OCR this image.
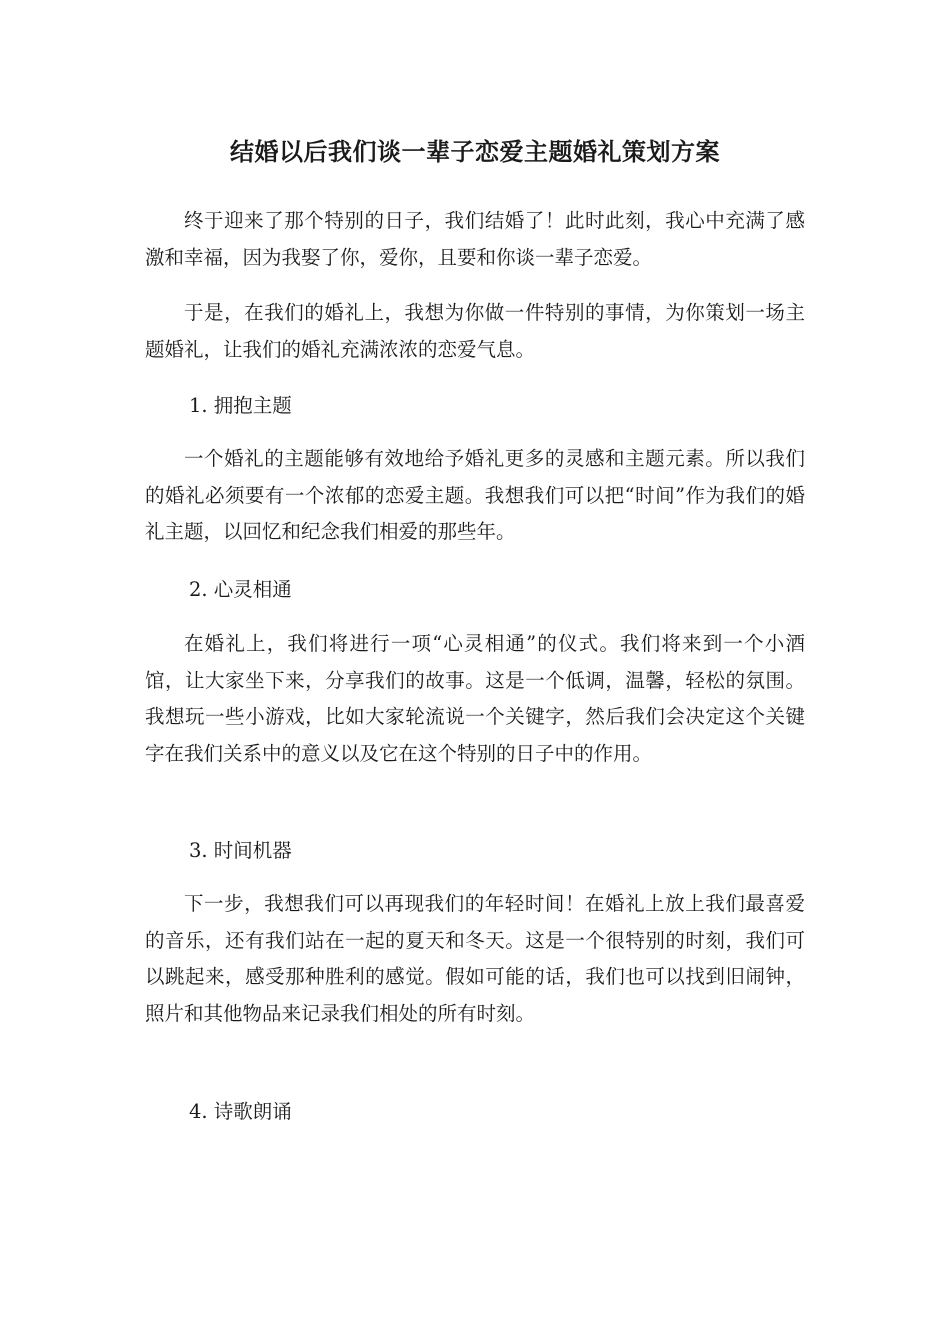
结婚以后我们谈一辈子恋爱主题婚礼策划方案

终于迎来了那个特别的日子，我们结婚了！此时此刻，我心中充满了感激和幸福，因为我娶了你，爱你，且要和你谈一辈子恋爱。

于是，在我们的婚礼上，我想为你做一件特别的事情，为你策划一场主题婚礼，让我们的婚礼充满浓浓的恋爱气息。

1. 拥抱主题

一个婚礼的主题能够有效地给予婚礼更多的灵感和主题元素。所以我们的婚礼必须要有一个浓郁的恋爱主题。我想我们可以把“时间”作为我们的婚礼主题，以回忆和纪念我们相爱的那些年。

2. 心灵相通

在婚礼上，我们将进行一项“心灵相通”的仪式。我们将来到一个小酒馆，让大家坐下来，分享我们的故事。这是一个低调，温馨，轻松的氛围。我想玩一些小游戏，比如大家轮流说一个关键字，然后我们会决定这个关键字在我们关系中的意义以及它在这个特别的日子中的作用。

3. 时间机器

下一步，我想我们可以再现我们的年轻时间！在婚礼上放上我们最喜爱的音乐，还有我们站在一起的夏天和冬天。这是一个很特别的时刻，我们可以跳起来，感受那种胜利的感觉。假如可能的话，我们也可以找到旧闹钟，照片和其他物品来记录我们相处的所有时刻。

4. 诗歌朗诵
